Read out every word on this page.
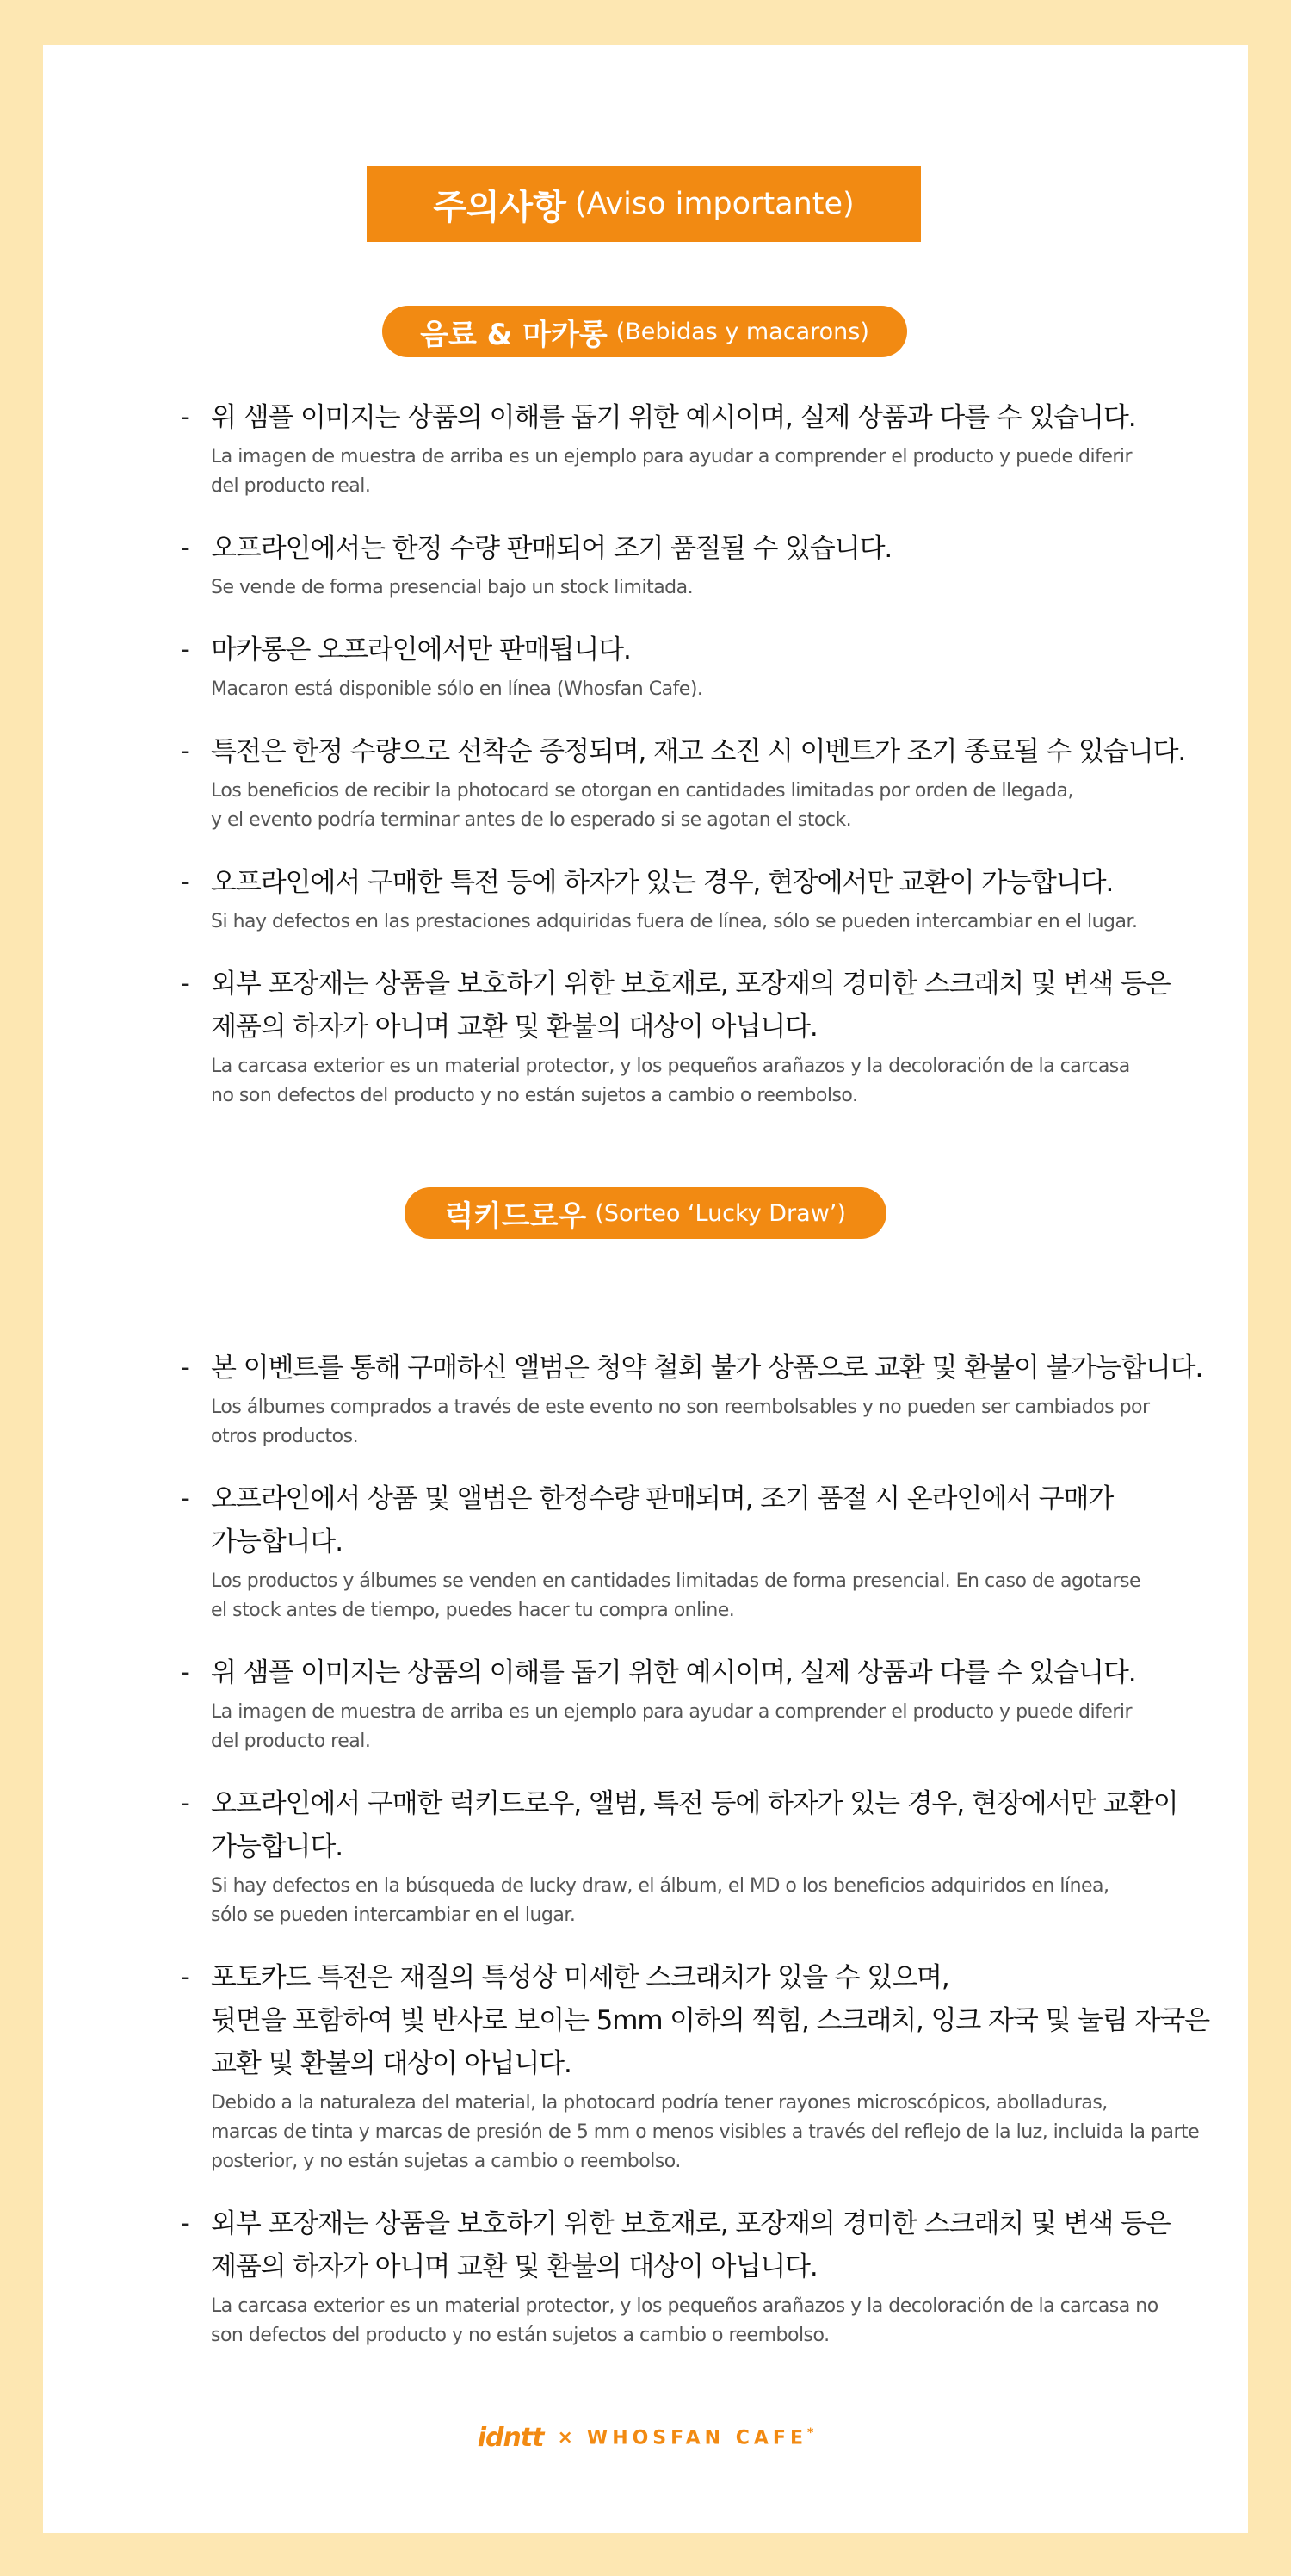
주의사항 (Aviso importante)
음료 & 마카롱 (Bebidas y macarons)
- 위 샘플 이미지는 상품의 이해를 돕기 위한 예시이며, 실제 상품과 다를 수 있습니다.

La imagen de muestra de arriba es un ejemplo para ayudar a comprender el producto y puede diferir
del producto real.

- 오프라인에서는 한정 수량 판매되어 조기 품절될 수 있습니다.

Se vende de forma presencial bajo un stock limitada.

- 마카롱은 오프라인에서만 판매됩니다.

Macaron está disponible sólo en línea (Whosfan Cafe).

- 특전은 한정 수량으로 선착순 증정되며, 재고 소진 시 이벤트가 조기 종료될 수 있습니다.

Los beneficios de recibir la photocard se otorgan en cantidades limitadas por orden de llegada,
y el evento podría terminar antes de lo esperado si se agotan el stock.

- 오프라인에서 구매한 특전 등에 하자가 있는 경우, 현장에서만 교환이 가능합니다.

Si hay defectos en las prestaciones adquiridas fuera de línea, sólo se pueden intercambiar en el lugar.

- 외부 포장재는 상품을 보호하기 위한 보호재로, 포장재의 경미한 스크래치 및 변색 등은
제품의 하자가 아니며 교환 및 환불의 대상이 아닙니다.

La carcasa exterior es un material protector, y los pequeños arañazos y la decoloración de la carcasa
no son defectos del producto y no están sujetos a cambio o reembolso.

럭키드로우 (Sorteo ‘Lucky Draw’)
- 본 이벤트를 통해 구매하신 앨범은 청약 철회 불가 상품으로 교환 및 환불이 불가능합니다.

Los álbumes comprados a través de este evento no son reembolsables y no pueden ser cambiados por
otros productos.

- 오프라인에서 상품 및 앨범은 한정수량 판매되며, 조기 품절 시 온라인에서 구매가
가능합니다.

Los productos y álbumes se venden en cantidades limitadas de forma presencial. En caso de agotarse
el stock antes de tiempo, puedes hacer tu compra online.

- 위 샘플 이미지는 상품의 이해를 돕기 위한 예시이며, 실제 상품과 다를 수 있습니다.

La imagen de muestra de arriba es un ejemplo para ayudar a comprender el producto y puede diferir
del producto real.

- 오프라인에서 구매한 럭키드로우, 앨범, 특전 등에 하자가 있는 경우, 현장에서만 교환이
가능합니다.

Si hay defectos en la búsqueda de lucky draw, el álbum, el MD o los beneficios adquiridos en línea,
sólo se pueden intercambiar en el lugar.

- 포토카드 특전은 재질의 특성상 미세한 스크래치가 있을 수 있으며,
뒷면을 포함하여 빛 반사로 보이는 5mm 이하의 찍힘, 스크래치, 잉크 자국 및 눌림 자국은
교환 및 환불의 대상이 아닙니다.

Debido a la naturaleza del material, la photocard podría tener rayones microscópicos, abolladuras,
marcas de tinta y marcas de presión de 5 mm o menos visibles a través del reflejo de la luz, incluida la parte
posterior, y no están sujetas a cambio o reembolso.

- 외부 포장재는 상품을 보호하기 위한 보호재로, 포장재의 경미한 스크래치 및 변색 등은
제품의 하자가 아니며 교환 및 환불의 대상이 아닙니다.

La carcasa exterior es un material protector, y los pequeños arañazos y la decoloración de la carcasa no
son defectos del producto y no están sujetos a cambio o reembolso.

idntt × WHOSFAN CAFE*
